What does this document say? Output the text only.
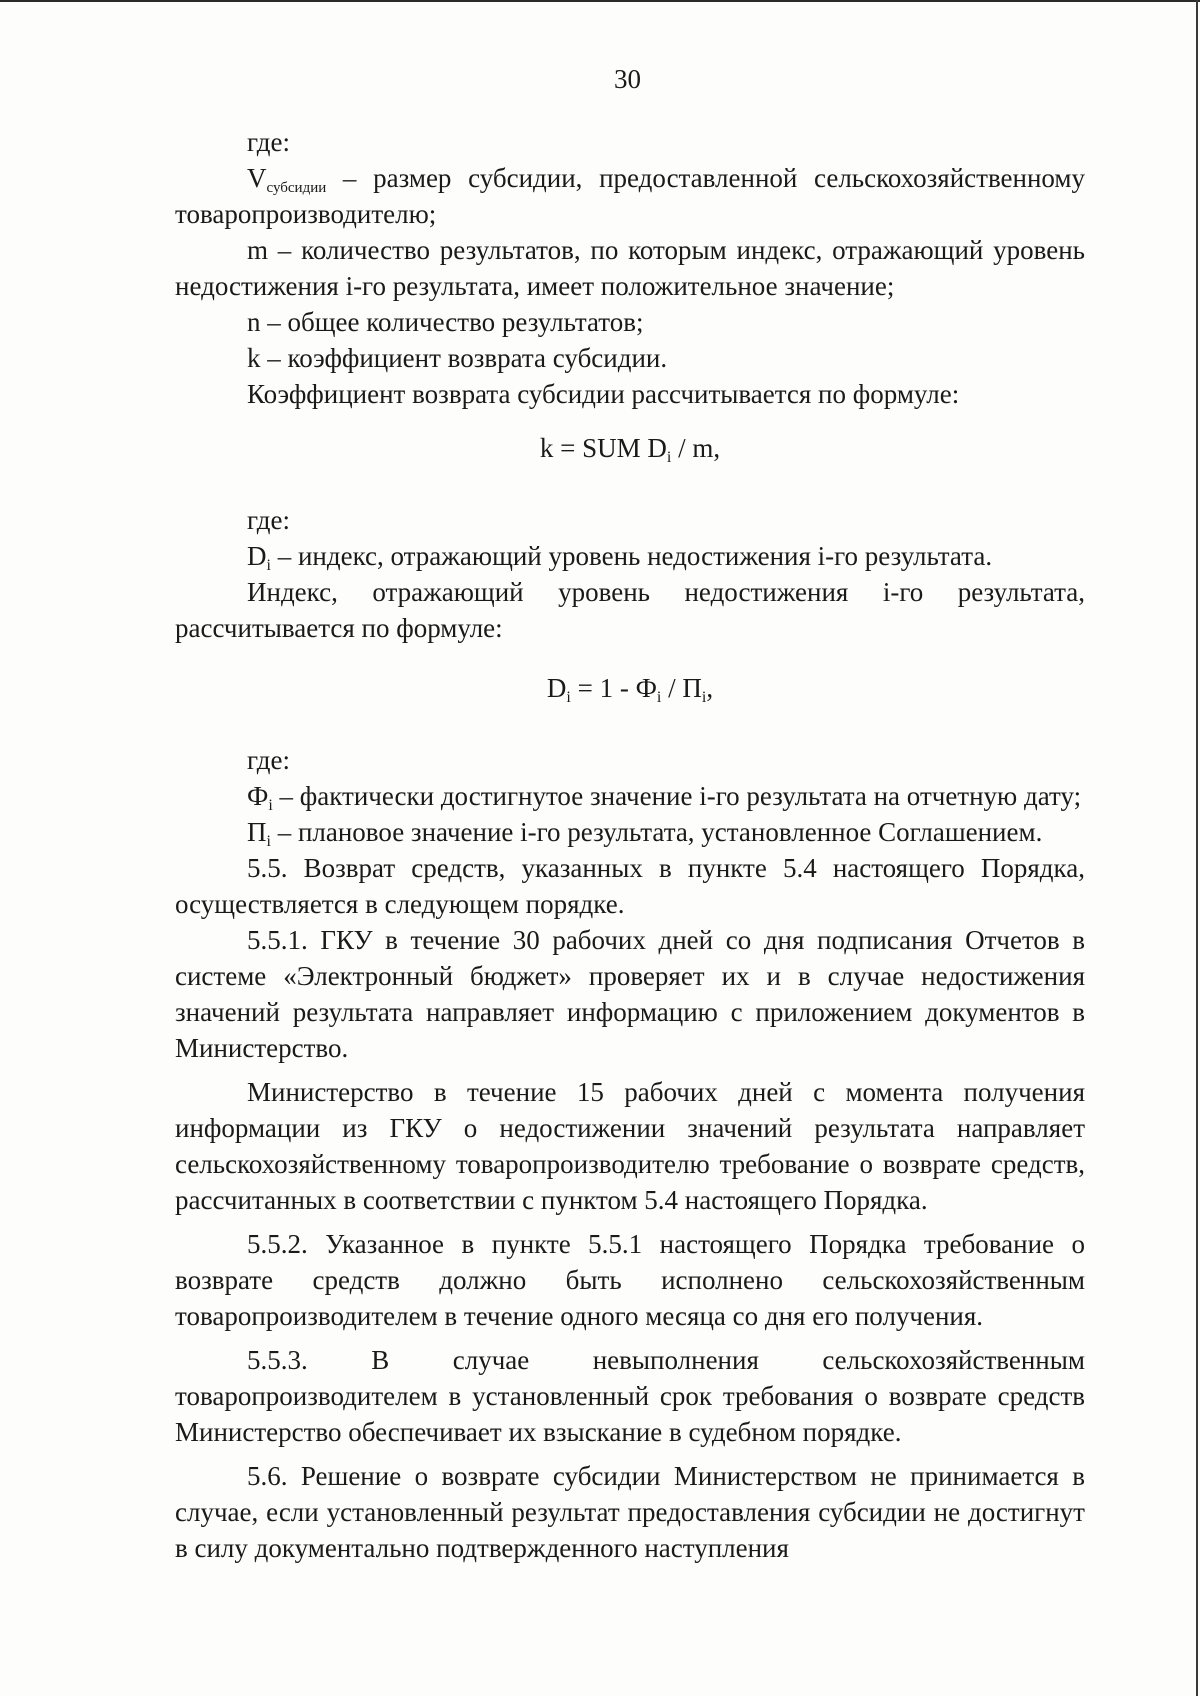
30

где:

$V_{субсидии}$ – размер субсидии, предоставленной сельскохозяйственному товаропроизводителю;

m – количество результатов, по которым индекс, отражающий уровень недостижения i-го результата, имеет положительное значение;

n – общее количество результатов;

k – коэффициент возврата субсидии.

Коэффициент возврата субсидии рассчитывается по формуле:

k = SUM $D_i$ / m,

где:

$D_i$ – индекс, отражающий уровень недостижения i-го результата.

Индекс, отражающий уровень недостижения i-го результата, рассчитывается по формуле:

$D_i = 1 - Ф_i / П_i$,

где:

$Ф_i$ – фактически достигнутое значение i-го результата на отчетную дату;

$П_i$ – плановое значение i-го результата, установленное Соглашением.

5.5. Возврат средств, указанных в пункте 5.4 настоящего Порядка, осуществляется в следующем порядке.

5.5.1. ГКУ в течение 30 рабочих дней со дня подписания Отчетов в системе «Электронный бюджет» проверяет их и в случае недостижения значений результата направляет информацию с приложением документов в Министерство.

Министерство в течение 15 рабочих дней с момента получения информации из ГКУ о недостижении значений результата направляет сельскохозяйственному товаропроизводителю требование о возврате средств, рассчитанных в соответствии с пунктом 5.4 настоящего Порядка.

5.5.2. Указанное в пункте 5.5.1 настоящего Порядка требование о возврате средств должно быть исполнено сельскохозяйственным товаропроизводителем в течение одного месяца со дня его получения.

5.5.3. В случае невыполнения сельскохозяйственным товаропроизводителем в установленный срок требования о возврате средств Министерство обеспечивает их взыскание в судебном порядке.

5.6. Решение о возврате субсидии Министерством не принимается в случае, если установленный результат предоставления субсидии не достигнут в силу документально подтвержденного наступления
